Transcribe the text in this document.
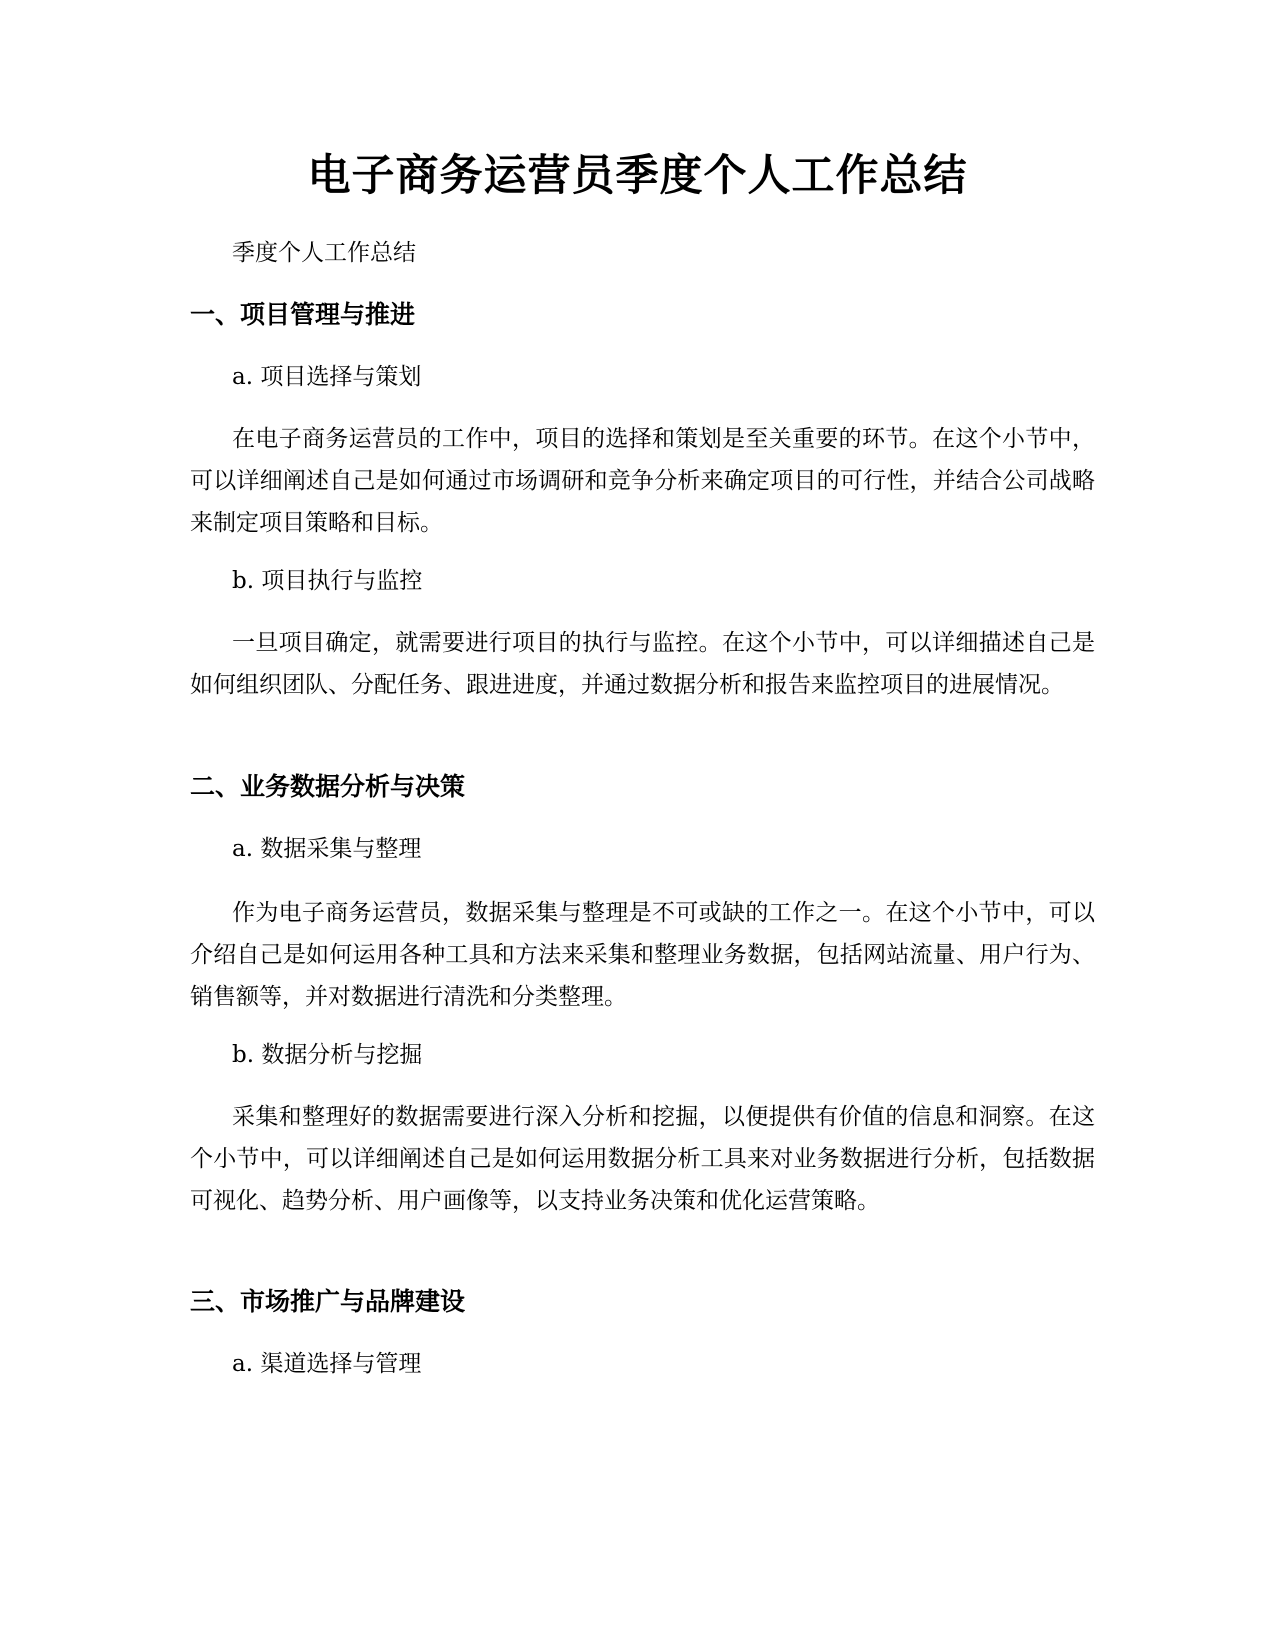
电子商务运营员季度个人工作总结

季度个人工作总结

一、项目管理与推进

a. 项目选择与策划

在电子商务运营员的工作中，项目的选择和策划是至关重要的环节。在这个小节中，可以详细阐述自己是如何通过市场调研和竞争分析来确定项目的可行性，并结合公司战略来制定项目策略和目标。

b. 项目执行与监控

一旦项目确定，就需要进行项目的执行与监控。在这个小节中，可以详细描述自己是如何组织团队、分配任务、跟进进度，并通过数据分析和报告来监控项目的进展情况。

二、业务数据分析与决策

a. 数据采集与整理

作为电子商务运营员，数据采集与整理是不可或缺的工作之一。在这个小节中，可以介绍自己是如何运用各种工具和方法来采集和整理业务数据，包括网站流量、用户行为、销售额等，并对数据进行清洗和分类整理。

b. 数据分析与挖掘

采集和整理好的数据需要进行深入分析和挖掘，以便提供有价值的信息和洞察。在这个小节中，可以详细阐述自己是如何运用数据分析工具来对业务数据进行分析，包括数据可视化、趋势分析、用户画像等，以支持业务决策和优化运营策略。

三、市场推广与品牌建设

a. 渠道选择与管理
